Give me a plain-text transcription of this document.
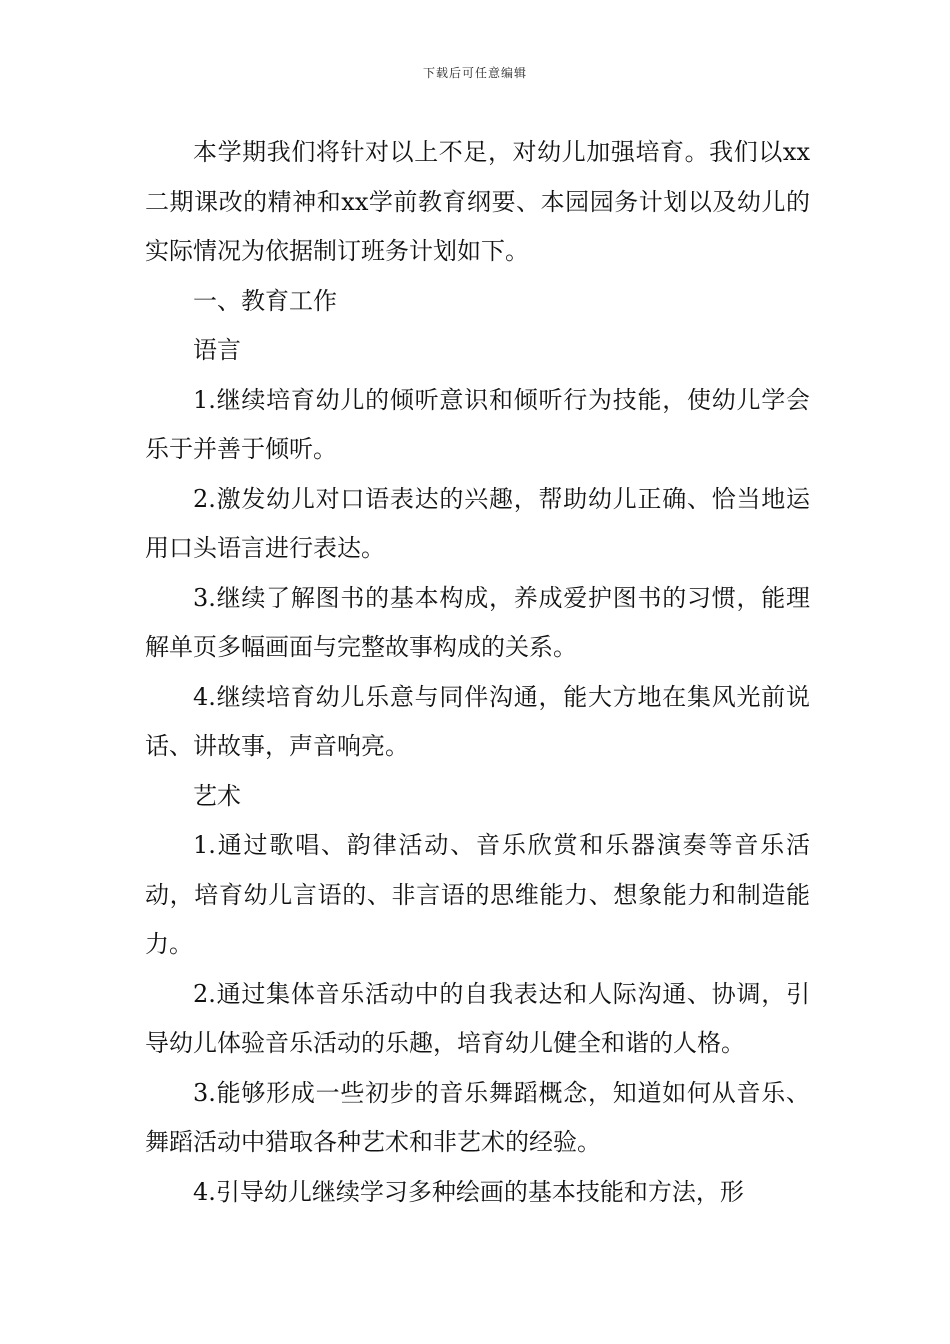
下载后可任意编辑

本学期我们将针对以上不足，对幼儿加强培育。我们以xx二期课改的精神和xx学前教育纲要、本园园务计划以及幼儿的实际情况为依据制订班务计划如下。

一、教育工作

语言

1.继续培育幼儿的倾听意识和倾听行为技能，使幼儿学会乐于并善于倾听。

2.激发幼儿对口语表达的兴趣，帮助幼儿正确、恰当地运用口头语言进行表达。

3.继续了解图书的基本构成，养成爱护图书的习惯，能理解单页多幅画面与完整故事构成的关系。

4.继续培育幼儿乐意与同伴沟通，能大方地在集风光前说话、讲故事，声音响亮。

艺术

1.通过歌唱、韵律活动、音乐欣赏和乐器演奏等音乐活动，培育幼儿言语的、非言语的思维能力、想象能力和制造能力。

2.通过集体音乐活动中的自我表达和人际沟通、协调，引导幼儿体验音乐活动的乐趣，培育幼儿健全和谐的人格。

3.能够形成一些初步的音乐舞蹈概念，知道如何从音乐、舞蹈活动中猎取各种艺术和非艺术的经验。

4.引导幼儿继续学习多种绘画的基本技能和方法，形
